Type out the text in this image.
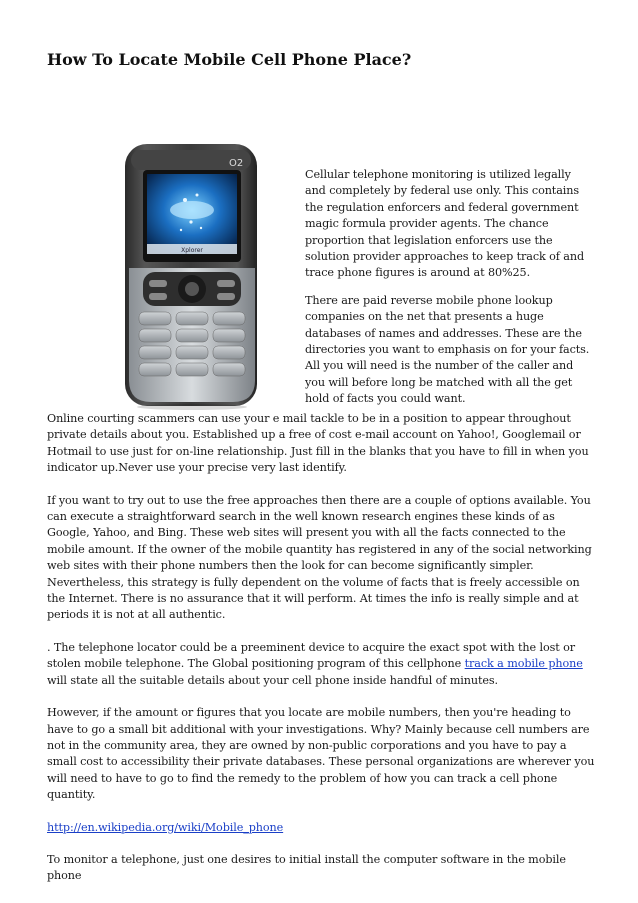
How To Locate Mobile Cell Phone Place?
O2
Xplorer

Cellular telephone monitoring is utilized legally and completely by federal use only. This contains the regulation enforcers and federal government magic formula provider agents. The chance proportion that legislation enforcers use the solution provider approaches to keep track of and trace phone figures is around at 80%25.

There are paid reverse mobile phone lookup companies on the net that presents a huge databases of names and addresses. These are the directories you want to emphasis on for your facts. All you will need is the number of the caller and you will before long be matched with all the get hold of facts you could want.

Online courting scammers can use your e mail tackle to be in a position to appear throughout private details about you. Established up a free of cost e-mail account on Yahoo!, Googlemail or Hotmail to use just for on-line relationship. Just fill in the blanks that you have to fill in when you indicator up.Never use your precise very last identify.

If you want to try out to use the free approaches then there are a couple of options available. You can execute a straightforward search in the well known research engines these kinds of as Google, Yahoo, and Bing. These web sites will present you with all the facts connected to the mobile amount. If the owner of the mobile quantity has registered in any of the social networking web sites with their phone numbers then the look for can become significantly simpler. Nevertheless, this strategy is fully dependent on the volume of facts that is freely accessible on the Internet. There is no assurance that it will perform. At times the info is really simple and at periods it is not at all authentic.

. The telephone locator could be a preeminent device to acquire the exact spot with the lost or stolen mobile telephone. The Global positioning program of this cellphone track a mobile phone will state all the suitable details about your cell phone inside handful of minutes.

However, if the amount or figures that you locate are mobile numbers, then you're heading to have to go a small bit additional with your investigations. Why? Mainly because cell numbers are not in the community area, they are owned by non-public corporations and you have to pay a small cost to accessibility their private databases. These personal organizations are wherever you will need to have to go to find the remedy to the problem of how you can track a cell phone quantity.

http://en.wikipedia.org/wiki/Mobile_phone

To monitor a telephone, just one desires to initial install the computer software in the mobile phone
